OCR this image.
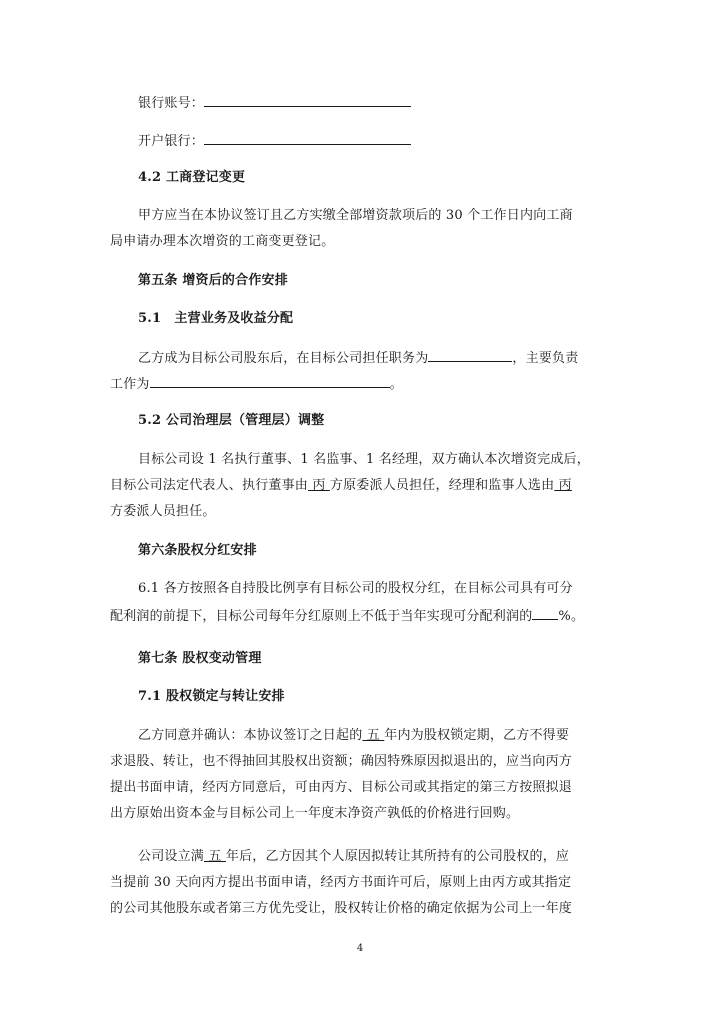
银行账号：
开户银行：
4.2 工商登记变更
甲方应当在本协议签订且乙方实缴全部增资款项后的 30 个工作日内向工商
局申请办理本次增资的工商变更登记。
第五条 增资后的合作安排
5.1　主营业务及收益分配
乙方成为目标公司股东后，在目标公司担任职务为	，主要负责
工作为	。
5.2 公司治理层（管理层）调整
目标公司设 1 名执行董事、1 名监事、1 名经理，双方确认本次增资完成后，
目标公司法定代表人、执行董事由 丙 方原委派人员担任，经理和监事人选由 丙
方委派人员担任。
第六条股权分红安排
6.1 各方按照各自持股比例享有目标公司的股权分红，在目标公司具有可分
配利润的前提下，目标公司每年分红原则上不低于当年实现可分配利润的 %。
第七条 股权变动管理
7.1 股权锁定与转让安排
乙方同意并确认：本协议签订之日起的 五 年内为股权锁定期，乙方不得要
求退股、转让，也不得抽回其股权出资额；确因特殊原因拟退出的，应当向丙方
提出书面申请，经丙方同意后，可由丙方、目标公司或其指定的第三方按照拟退
出方原始出资本金与目标公司上一年度末净资产孰低的价格进行回购。
公司设立满 五 年后，乙方因其个人原因拟转让其所持有的公司股权的，应
当提前 30 天向丙方提出书面申请，经丙方书面许可后，原则上由丙方或其指定
的公司其他股东或者第三方优先受让，股权转让价格的确定依据为公司上一年度
4
